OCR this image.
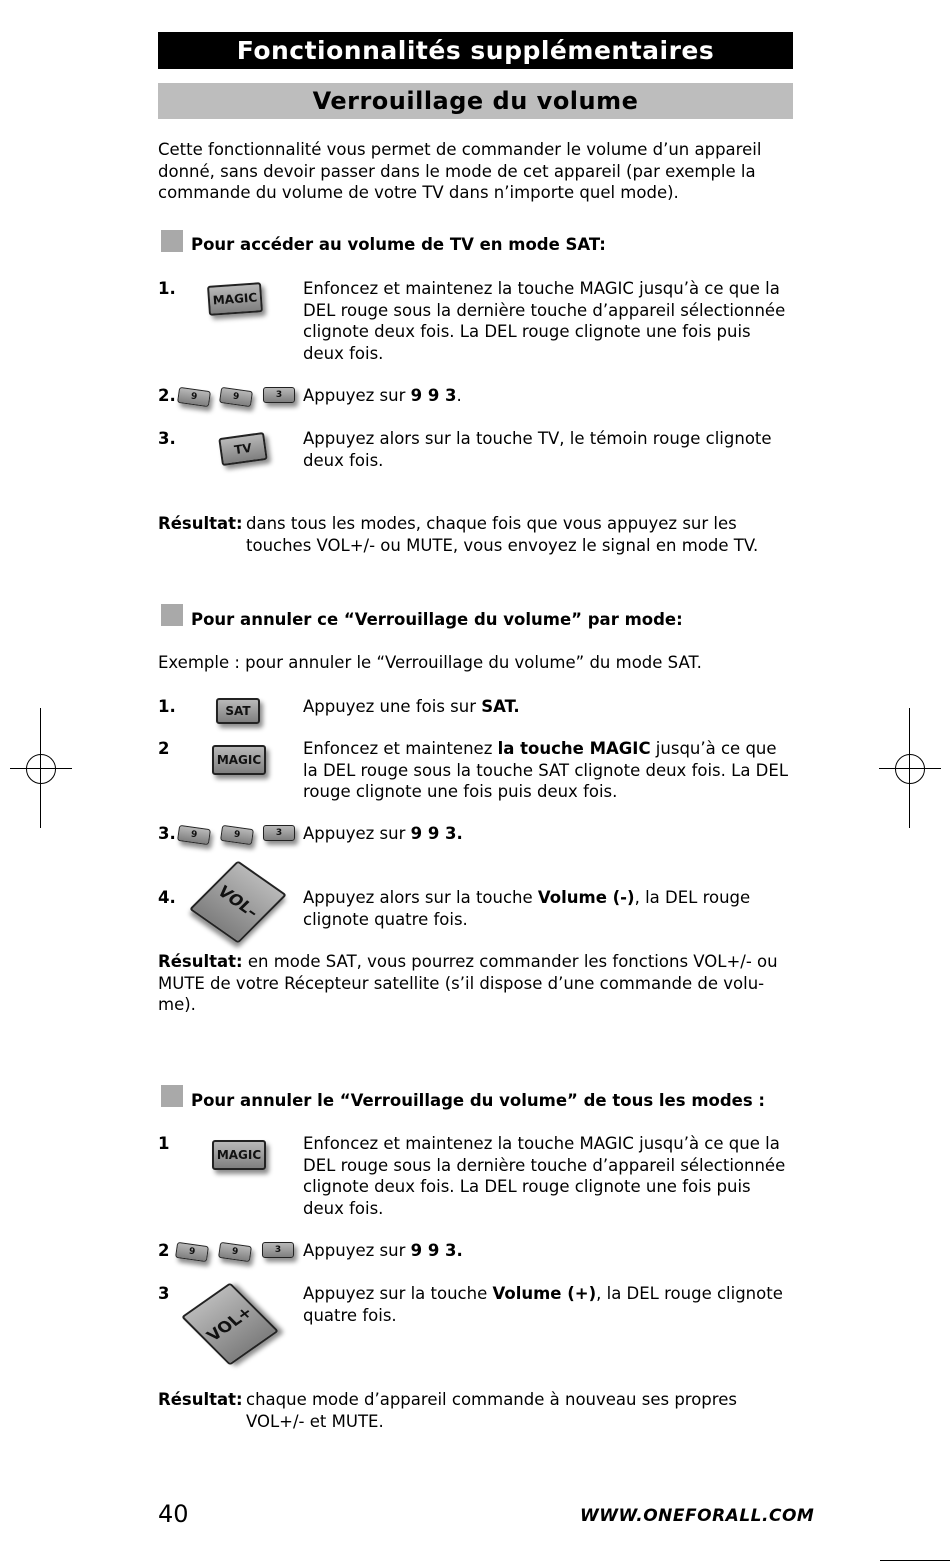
Fonctionnalités supplémentaires
Verrouillage du volume
Cette fonctionnalité vous permet de commander le volume d’un appareil donné, sans devoir passer dans le mode de cet appareil (par exemple la commande du volume de votre TV dans n’importe quel mode).
Pour accéder au volume de TV en mode SAT:
1.
MAGIC
Enfoncez et maintenez la touche MAGIC jusqu’à ce que la DEL rouge sous la dernière touche d’appareil sélectionnée clignote deux fois. La DEL rouge clignote une fois puis deux fois.
2.	9	9	3	Appuyez sur 9 9 3.
3.
TV
Appuyez alors sur la touche TV, le témoin rouge clignote deux fois.
Résultat: dans tous les modes, chaque fois que vous appuyez sur les touches VOL+/- ou MUTE, vous envoyez le signal en mode TV.
Pour annuler ce “Verrouillage du volume” par mode:
Exemple : pour annuler le “Verrouillage du volume” du mode SAT.
1.	SAT	Appuyez une fois sur SAT.
2
MAGIC
Enfoncez et maintenez la touche MAGIC jusqu’à ce que la DEL rouge sous la touche SAT clignote deux fois. La DEL rouge clignote une fois puis deux fois.
3.	9	9	3	Appuyez sur 9 9 3.
4.	VOL–	Appuyez alors sur la touche Volume (-), la DEL rouge clignote quatre fois.
Résultat: en mode SAT, vous pourrez commander les fonctions VOL+/- ou MUTE de votre Récepteur satellite (s’il dispose d’une commande de volu-me).
Pour annuler le “Verrouillage du volume” de tous les modes :
1
MAGIC
Enfoncez et maintenez la touche MAGIC jusqu’à ce que la DEL rouge sous la dernière touche d’appareil sélectionnée clignote deux fois. La DEL rouge clignote une fois puis deux fois.
2	9	9	3	Appuyez sur 9 9 3.
3
VOL+
Appuyez sur la touche Volume (+), la DEL rouge clignote quatre fois.
Résultat: chaque mode d’appareil commande à nouveau ses propres VOL+/- et MUTE.
40	WWW.ONEFORALL.COM
